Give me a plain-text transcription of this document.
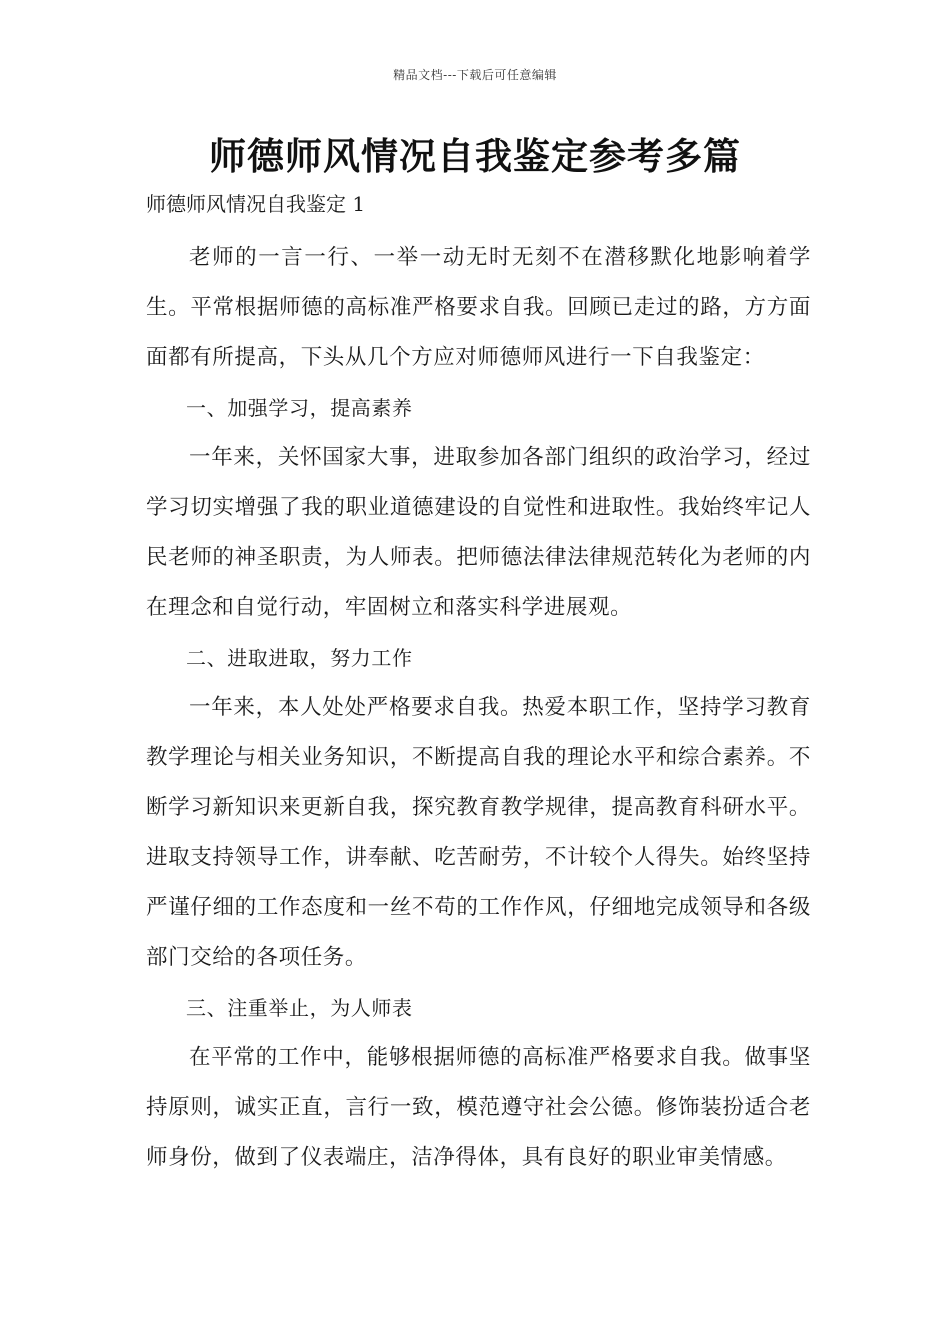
精品文档---下载后可任意编辑
师德师风情况自我鉴定参考多篇
师德师风情况自我鉴定 1

老师的一言一行、一举一动无时无刻不在潜移默化地影响着学生。平常根据师德的高标准严格要求自我。回顾已走过的路，方方面面都有所提高，下头从几个方应对师德师风进行一下自我鉴定：

一、加强学习，提高素养

一年来，关怀国家大事，进取参加各部门组织的政治学习，经过学习切实增强了我的职业道德建设的自觉性和进取性。我始终牢记人民老师的神圣职责，为人师表。把师德法律法律规范转化为老师的内在理念和自觉行动，牢固树立和落实科学进展观。

二、进取进取，努力工作

一年来，本人处处严格要求自我。热爱本职工作，坚持学习教育教学理论与相关业务知识，不断提高自我的理论水平和综合素养。不断学习新知识来更新自我，探究教育教学规律，提高教育科研水平。进取支持领导工作，讲奉献、吃苦耐劳，不计较个人得失。始终坚持严谨仔细的工作态度和一丝不苟的工作作风，仔细地完成领导和各级部门交给的各项任务。

三、注重举止，为人师表

在平常的工作中，能够根据师德的高标准严格要求自我。做事坚持原则，诚实正直，言行一致，模范遵守社会公德。修饰装扮适合老师身份，做到了仪表端庄，洁净得体，具有良好的职业审美情感。
